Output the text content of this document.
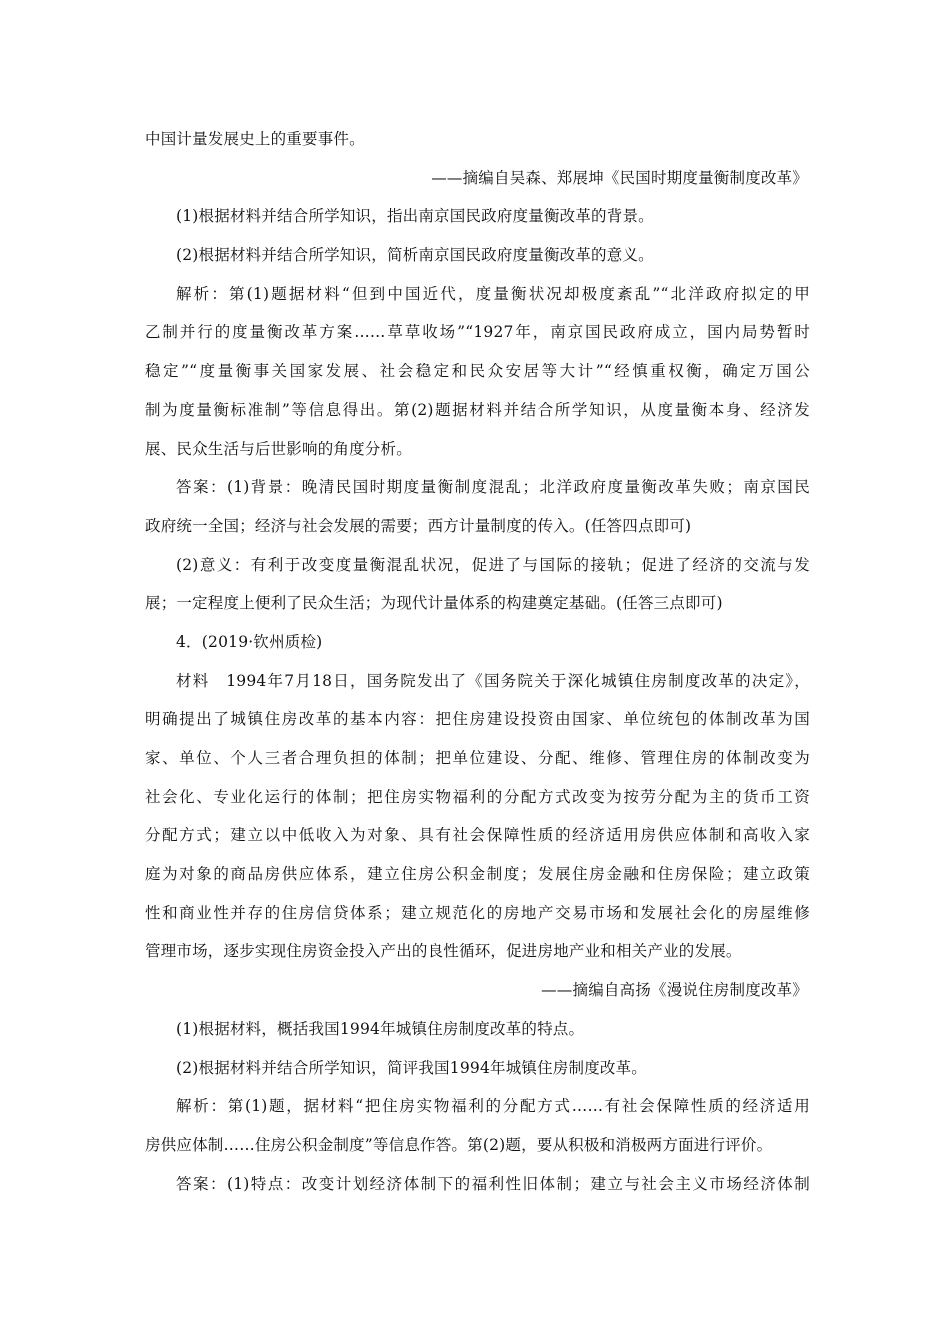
中国计量发展史上的重要事件。
——摘编自吴森、郑展坤《民国时期度量衡制度改革》
(1)根据材料并结合所学知识，指出南京国民政府度量衡改革的背景。
(2)根据材料并结合所学知识，简析南京国民政府度量衡改革的意义。
解析：第(1)题据材料“但到中国近代，度量衡状况却极度紊乱”“北洋政府拟定的甲
乙制并行的度量衡改革方案……草草收场”“1927年，南京国民政府成立，国内局势暂时
稳定”“度量衡事关国家发展、社会稳定和民众安居等大计”“经慎重权衡，确定万国公
制为度量衡标准制”等信息得出。第(2)题据材料并结合所学知识，从度量衡本身、经济发
展、民众生活与后世影响的角度分析。
答案：(1)背景：晚清民国时期度量衡制度混乱；北洋政府度量衡改革失败；南京国民
政府统一全国；经济与社会发展的需要；西方计量制度的传入。(任答四点即可)
(2)意义：有利于改变度量衡混乱状况，促进了与国际的接轨；促进了经济的交流与发
展；一定程度上便利了民众生活；为现代计量体系的构建奠定基础。(任答三点即可)
4．(2019·钦州质检)
材料　1994年7月18日，国务院发出了《国务院关于深化城镇住房制度改革的决定》，
明确提出了城镇住房改革的基本内容：把住房建设投资由国家、单位统包的体制改革为国
家、单位、个人三者合理负担的体制；把单位建设、分配、维修、管理住房的体制改变为
社会化、专业化运行的体制；把住房实物福利的分配方式改变为按劳分配为主的货币工资
分配方式；建立以中低收入为对象、具有社会保障性质的经济适用房供应体制和高收入家
庭为对象的商品房供应体系，建立住房公积金制度；发展住房金融和住房保险；建立政策
性和商业性并存的住房信贷体系；建立规范化的房地产交易市场和发展社会化的房屋维修
管理市场，逐步实现住房资金投入产出的良性循环，促进房地产业和相关产业的发展。
——摘编自高扬《漫说住房制度改革》
(1)根据材料，概括我国1994年城镇住房制度改革的特点。
(2)根据材料并结合所学知识，简评我国1994年城镇住房制度改革。
解析：第(1)题，据材料“把住房实物福利的分配方式……有社会保障性质的经济适用
房供应体制……住房公积金制度”等信息作答。第(2)题，要从积极和消极两方面进行评价。
答案：(1)特点：改变计划经济体制下的福利性旧体制；建立与社会主义市场经济体制
